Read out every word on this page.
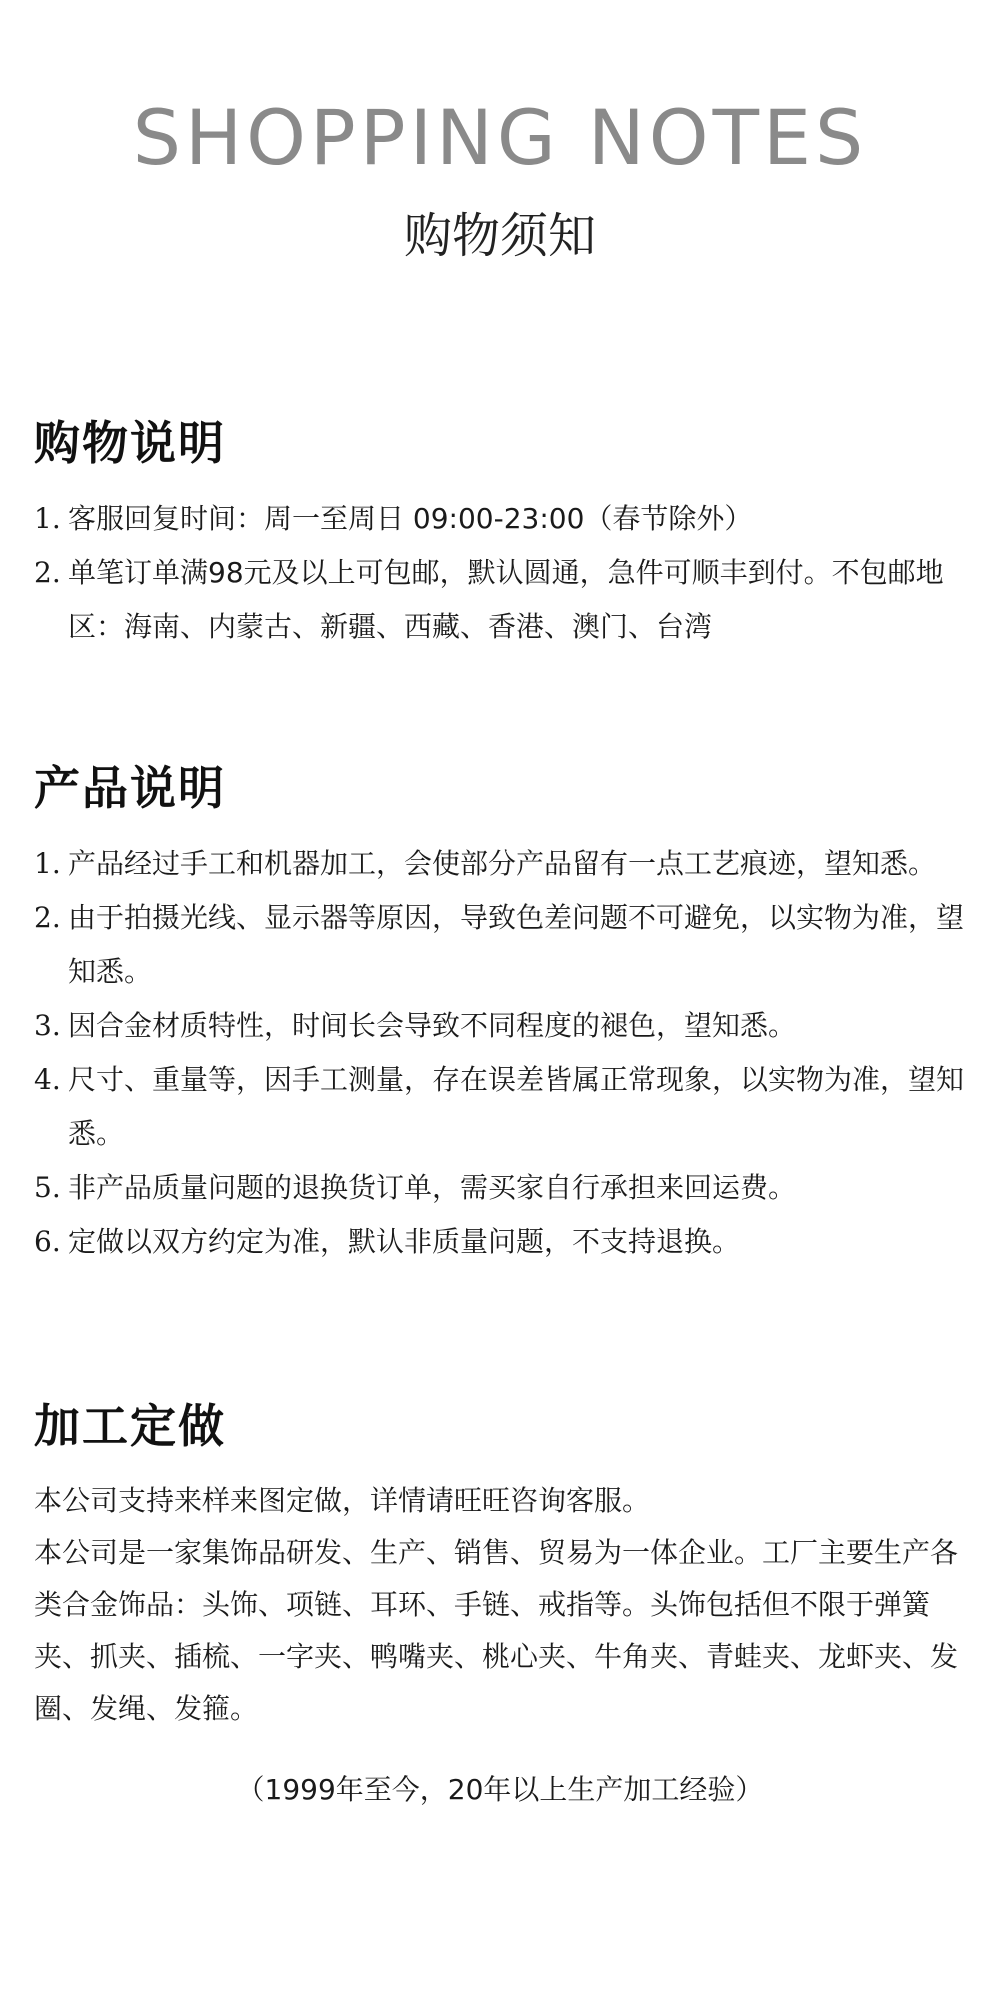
SHOPPING NOTES
购物须知
购物说明
1. 客服回复时间：周一至周日 09:00-23:00（春节除外）
2. 单笔订单满98元及以上可包邮，默认圆通，急件可顺丰到付。不包邮地区：海南、内蒙古、新疆、西藏、香港、澳门、台湾
产品说明
1. 产品经过手工和机器加工，会使部分产品留有一点工艺痕迹，望知悉。
2. 由于拍摄光线、显示器等原因，导致色差问题不可避免，以实物为准，望知悉。
3. 因合金材质特性，时间长会导致不同程度的褪色，望知悉。
4. 尺寸、重量等，因手工测量，存在误差皆属正常现象，以实物为准，望知悉。
5. 非产品质量问题的退换货订单，需买家自行承担来回运费。
6. 定做以双方约定为准，默认非质量问题，不支持退换。
加工定做

本公司支持来样来图定做，详情请旺旺咨询客服。

本公司是一家集饰品研发、生产、销售、贸易为一体企业。工厂主要生产各类合金饰品：头饰、项链、耳环、手链、戒指等。头饰包括但不限于弹簧夹、抓夹、插梳、一字夹、鸭嘴夹、桃心夹、牛角夹、青蛙夹、龙虾夹、发圈、发绳、发箍。

（1999年至今，20年以上生产加工经验）
